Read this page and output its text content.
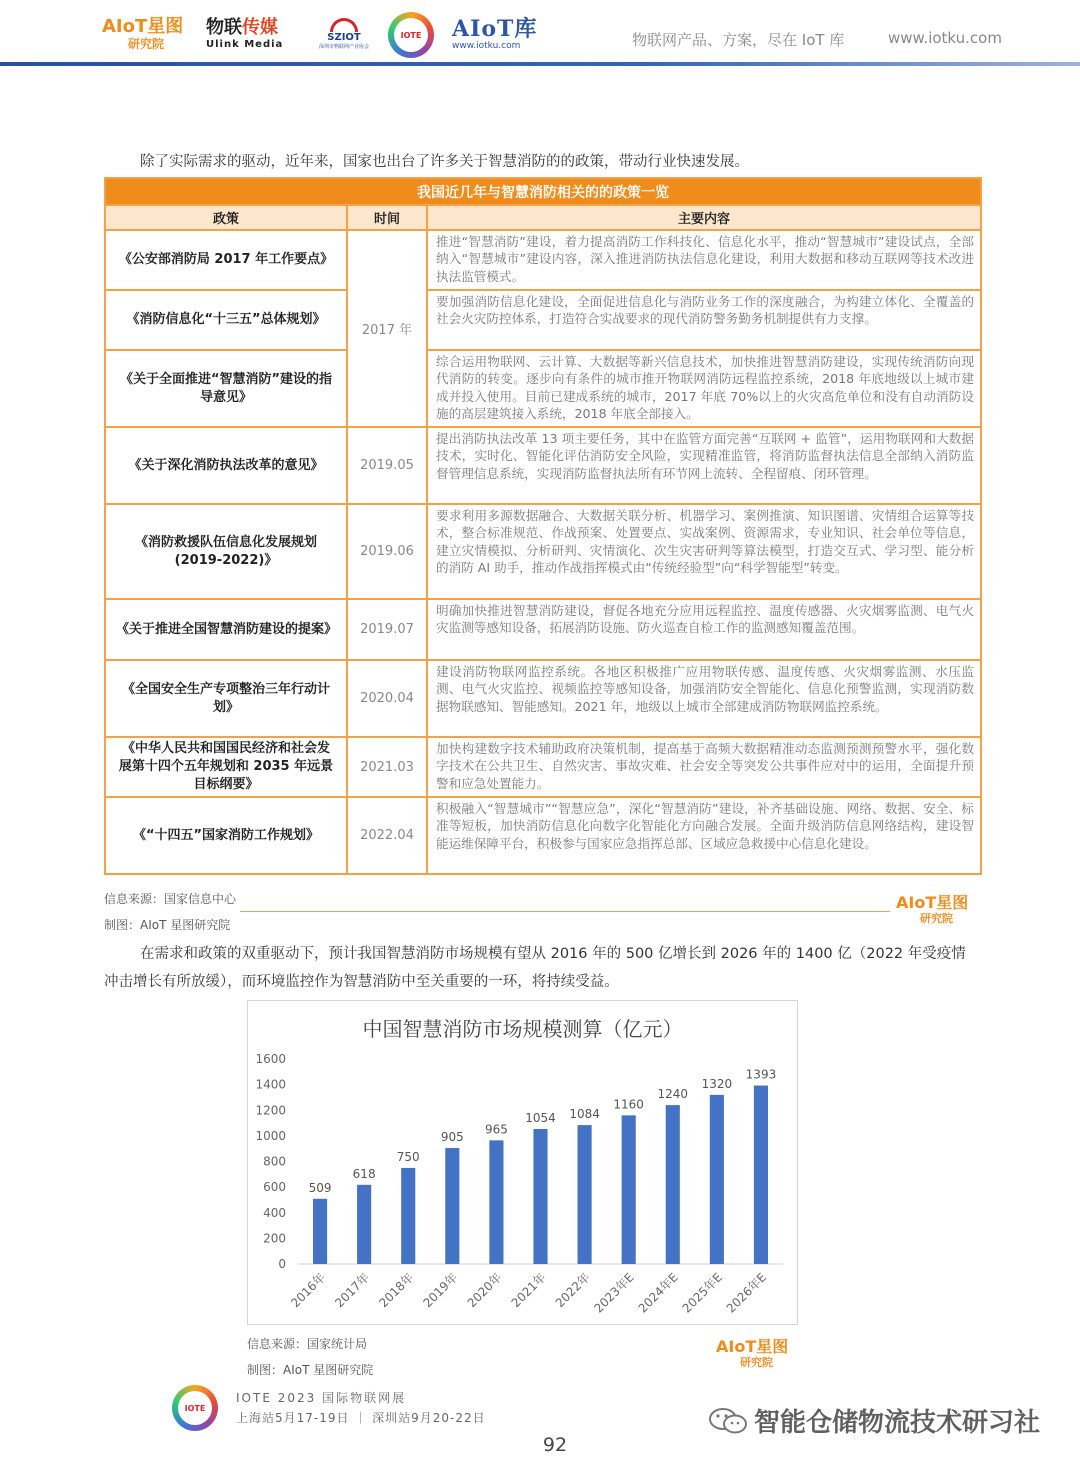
AIoT星图
研究院
物联传媒
Ulink Media
SZIOT
深圳市物联网产业协会
IOTE	AIoT库
www.iotku.com	物联网产品、方案，尽在 IoT 库	www.iotku.com

除了实际需求的驱动，近年来，国家也出台了许多关于智慧消防的的政策，带动行业快速发展。

我国近几年与智慧消防相关的的政策一览		
政策	时间	主要内容
《公安部消防局 2017 年工作要点》	2017 年	推进“智慧消防”建设，着力提高消防工作科技化、信息化水平，推动“智慧城市”建设试点，全部纳入“智慧城市”建设内容，深入推进消防执法信息化建设，利用大数据和移动互联网等技术改进执法监管模式。
《消防信息化“十三五”总体规划》		要加强消防信息化建设，全面促进信息化与消防业务工作的深度融合，为构建立体化、全覆盖的社会火灾防控体系，打造符合实战要求的现代消防警务勤务机制提供有力支撑。
《关于全面推进“智慧消防”建设的指导意见》		综合运用物联网、云计算、大数据等新兴信息技术，加快推进智慧消防建设，实现传统消防向现代消防的转变。逐步向有条件的城市推开物联网消防远程监控系统，2018 年底地级以上城市建成并投入使用。目前已建成系统的城市，2017 年底 70%以上的火灾高危单位和没有自动消防设施的高层建筑接入系统，2018 年底全部接入。
《关于深化消防执法改革的意见》	2019.05	提出消防执法改革 13 项主要任务，其中在监管方面完善“互联网 + 监管”，运用物联网和大数据技术，实时化、智能化评估消防安全风险，实现精准监管，将消防监督执法信息全部纳入消防监督管理信息系统，实现消防监督执法所有环节网上流转、全程留痕、闭环管理。
《消防救援队伍信息化发展规划(2019-2022)》	2019.06	要求利用多源数据融合、大数据关联分析、机器学习、案例推演、知识图谱、灾情组合运算等技术，整合标准规范、作战预案、处置要点、实战案例、资源需求，专业知识、社会单位等信息，建立灾情模拟、分析研判、灾情演化、次生灾害研判等算法模型，打造交互式、学习型、能分析的消防 AI 助手，推动作战指挥模式由“传统经验型”向“科学智能型”转变。
《关于推进全国智慧消防建设的提案》	2019.07	明确加快推进智慧消防建设，督促各地充分应用远程监控、温度传感器、火灾烟雾监测、电气火灾监测等感知设备，拓展消防设施、防火巡查自检工作的监测感知覆盖范围。
《全国安全生产专项整治三年行动计划》	2020.04	建设消防物联网监控系统。各地区积极推广应用物联传感、温度传感、火灾烟雾监测、水压监测、电气火灾监控、视频监控等感知设备，加强消防安全智能化、信息化预警监测，实现消防数据物联感知、智能感知。2021 年，地级以上城市全部建成消防物联网监控系统。
《中华人民共和国国民经济和社会发展第十四个五年规划和 2035 年远景目标纲要》	2021.03	加快构建数字技术辅助政府决策机制，提高基于高频大数据精准动态监测预测预警水平，强化数字技术在公共卫生、自然灾害、事故灾难、社会安全等突发公共事件应对中的运用，全面提升预警和应急处置能力。
《“十四五”国家消防工作规划》	2022.04	积极融入“智慧城市”“智慧应急”，深化“智慧消防”建设，补齐基础设施、网络、数据、安全、标准等短板，加快消防信息化向数字化智能化方向融合发展。全面升级消防信息网络结构，建设智能运维保障平台，积极参与国家应急指挥总部、区域应急救援中心信息化建设。
信息来源：国家信息中心
制图：AIoT 星图研究院
AIoT星图
研究院

在需求和政策的双重驱动下，预计我国智慧消防市场规模有望从 2016 年的 500 亿增长到 2026 年的 1400 亿（2022 年受疫情冲击增长有所放缓），而环境监控作为智慧消防中至关重要的一环，将持续受益。

中国智慧消防市场规模测算（亿元）
0
200
400
600
800
1000
1200
1400
1600
509
2016年
618
2017年
750
2018年
905
2019年
965
2020年
1054
2021年
1084
2022年
1160
2023年E
1240
2024年E
1320
2025年E
1393
2026年E
信息来源：国家统计局
制图：AIoT 星图研究院
AIoT星图
研究院
IOTE
IOTE 2023 国际物联网展
上海站5月17-19日 ｜ 深圳站9月20-22日	智能仓储物流技术研习社
92
